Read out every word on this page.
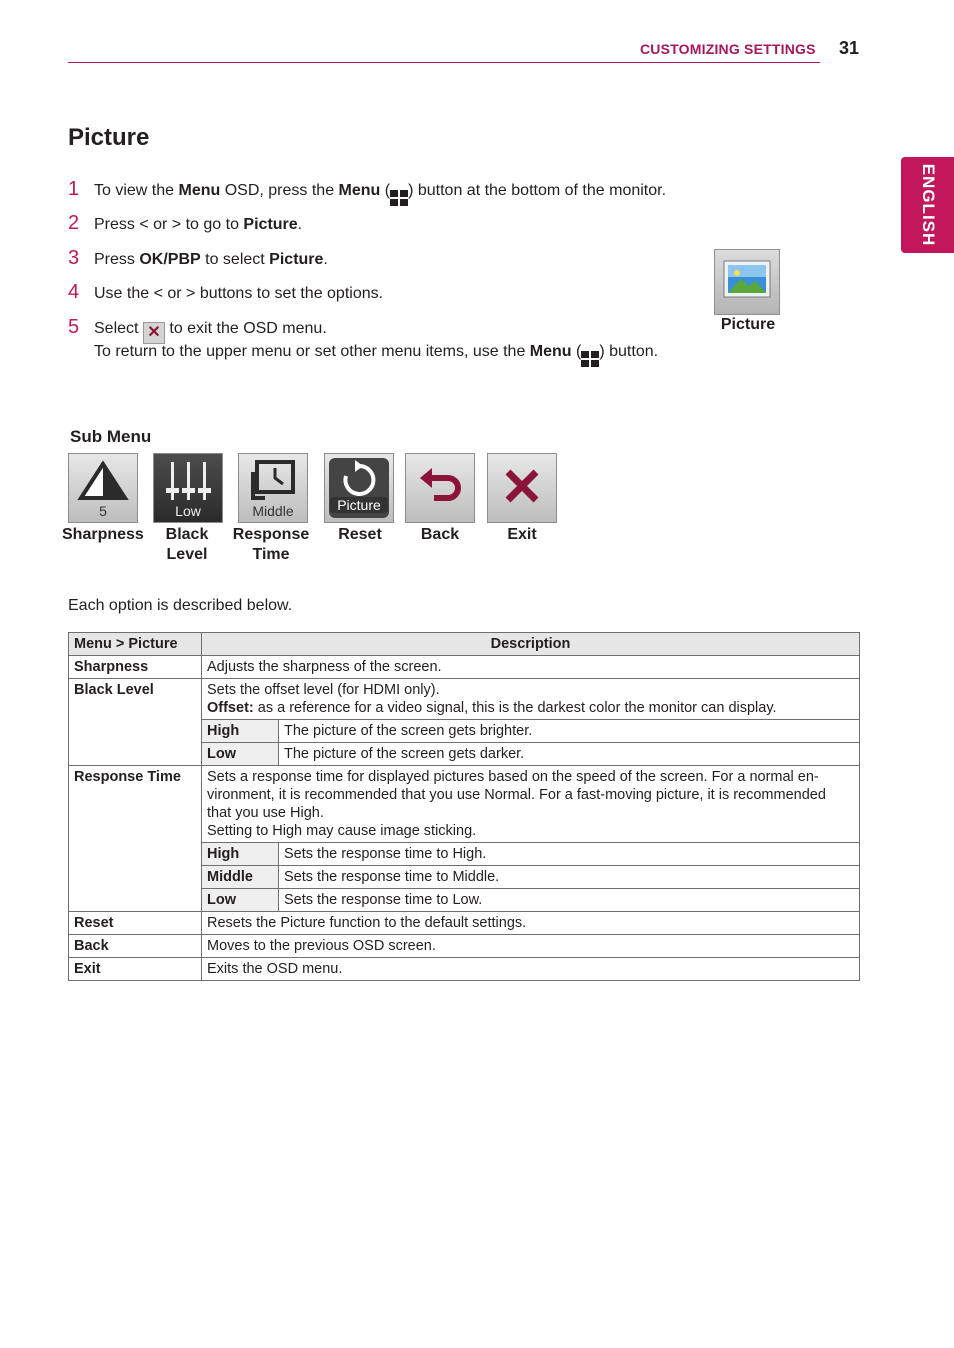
CUSTOMIZING SETTINGS 31
ENGLISH
Picture
1 To view the Menu OSD, press the Menu ( ) button at the bottom of the monitor.
2 Press < or > to go to Picture.
3 Press OK/PBP to select Picture.
4 Use the < or > buttons to set the options.
5 Select ✕ to exit the OSD menu.
To return to the upper menu or set other menu items, use the Menu ( ) button.
Picture
Sub Menu
5	Low	Middle	Picture
Sharpness	Black Level
Response Time
Reset	Back	Exit
Each option is described below.
Menu > Picture	Description
Sharpness	Adjusts the sharpness of the screen.
Black Level	Sets the offset level (for HDMI only).
Offset: as a reference for a video signal, this is the darkest color the monitor can display.
High	The picture of the screen gets brighter.
Low	The picture of the screen gets darker.

Response Time	Sets a response time for displayed pictures based on the speed of the screen. For a normal en-
vironment, it is recommended that you use Normal. For a fast-moving picture, it is recommended
that you use High.
Setting to High may cause image sticking.
High	Sets the response time to High.
Middle	Sets the response time to Middle.
Low	Sets the response time to Low.

Reset	Resets the Picture function to the default settings.
Back	Moves to the previous OSD screen.
Exit	Exits the OSD menu.
